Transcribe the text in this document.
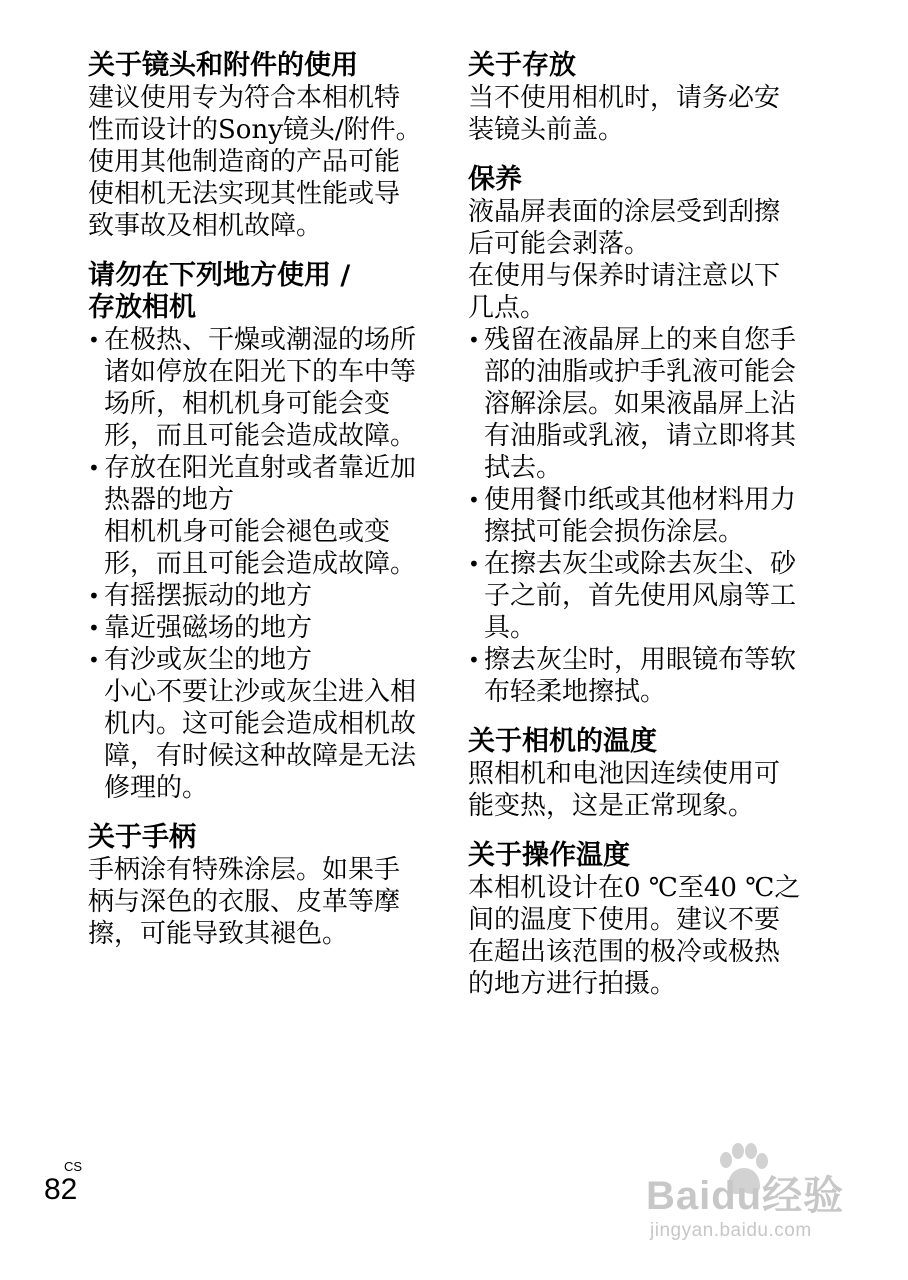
关于镜头和附件的使用

建议使用专为符合本相机特性而设计的Sony镜头/附件。使用其他制造商的产品可能使相机无法实现其性能或导致事故及相机故障。

请勿在下列地方使用 /
存放相机
• 在极热、干燥或潮湿的场所
诸如停放在阳光下的车中等场所，相机机身可能会变形，而且可能会造成故障。
• 存放在阳光直射或者靠近加热器的地方
相机机身可能会褪色或变形，而且可能会造成故障。
• 有摇摆振动的地方
• 靠近强磁场的地方
• 有沙或灰尘的地方
小心不要让沙或灰尘进入相机内。这可能会造成相机故障，有时候这种故障是无法修理的。
关于手柄

手柄涂有特殊涂层。如果手柄与深色的衣服、皮革等摩擦，可能导致其褪色。

关于存放

当不使用相机时，请务必安装镜头前盖。

保养

液晶屏表面的涂层受到刮擦后可能会剥落。

在使用与保养时请注意以下几点。

• 残留在液晶屏上的来自您手部的油脂或护手乳液可能会溶解涂层。如果液晶屏上沾有油脂或乳液，请立即将其拭去。
• 使用餐巾纸或其他材料用力擦拭可能会损伤涂层。
• 在擦去灰尘或除去灰尘、砂子之前，首先使用风扇等工具。
• 擦去灰尘时，用眼镜布等软布轻柔地擦拭。
关于相机的温度

照相机和电池因连续使用可能变热，这是正常现象。

关于操作温度

本相机设计在0 ℃至40 ℃之间的温度下使用。建议不要在超出该范围的极冷或极热的地方进行拍摄。

CS
82	Baidu经验
jingyan.baidu.com
